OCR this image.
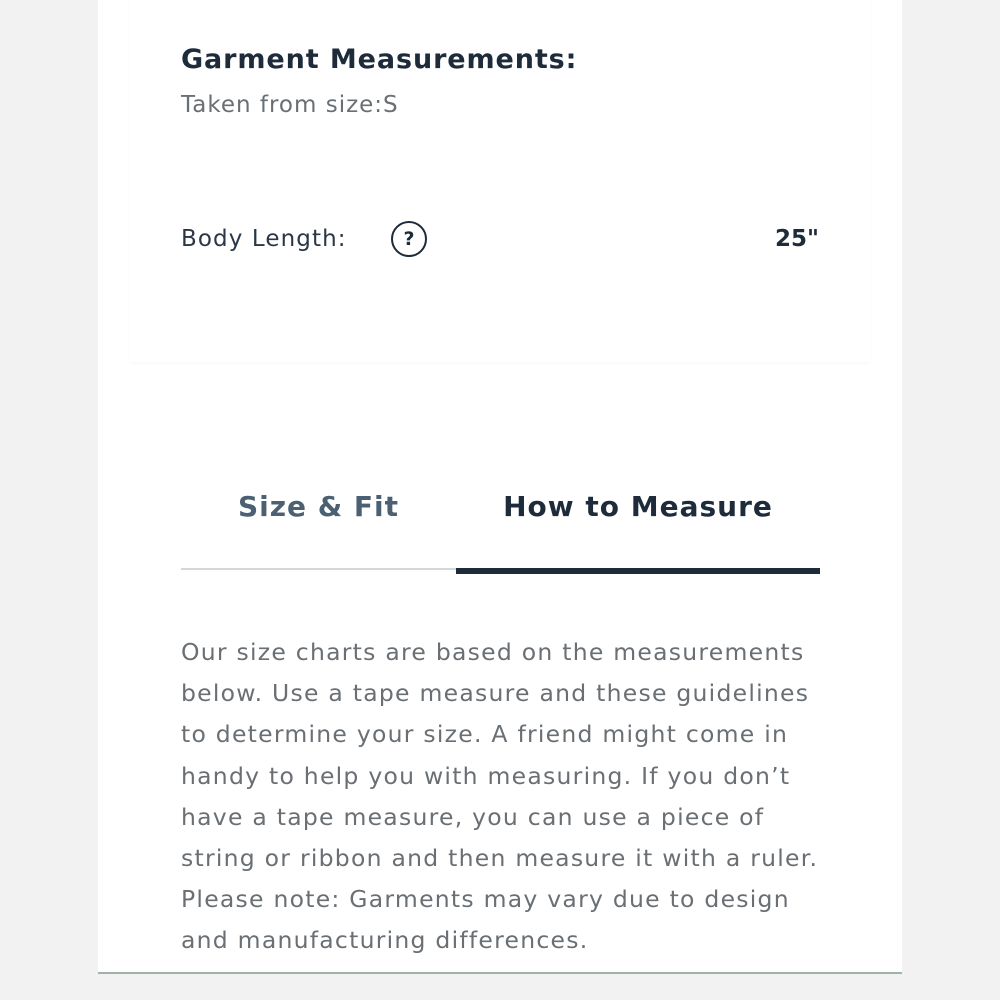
Garment Measurements:
Taken from size:S
Body Length:	?	25"
Size & Fit	How to Measure
Our size charts are based on the measurements
below. Use a tape measure and these guidelines
to determine your size. A friend might come in
handy to help you with measuring. If you don’t
have a tape measure, you can use a piece of
string or ribbon and then measure it with a ruler.
Please note: Garments may vary due to design
and manufacturing differences.
